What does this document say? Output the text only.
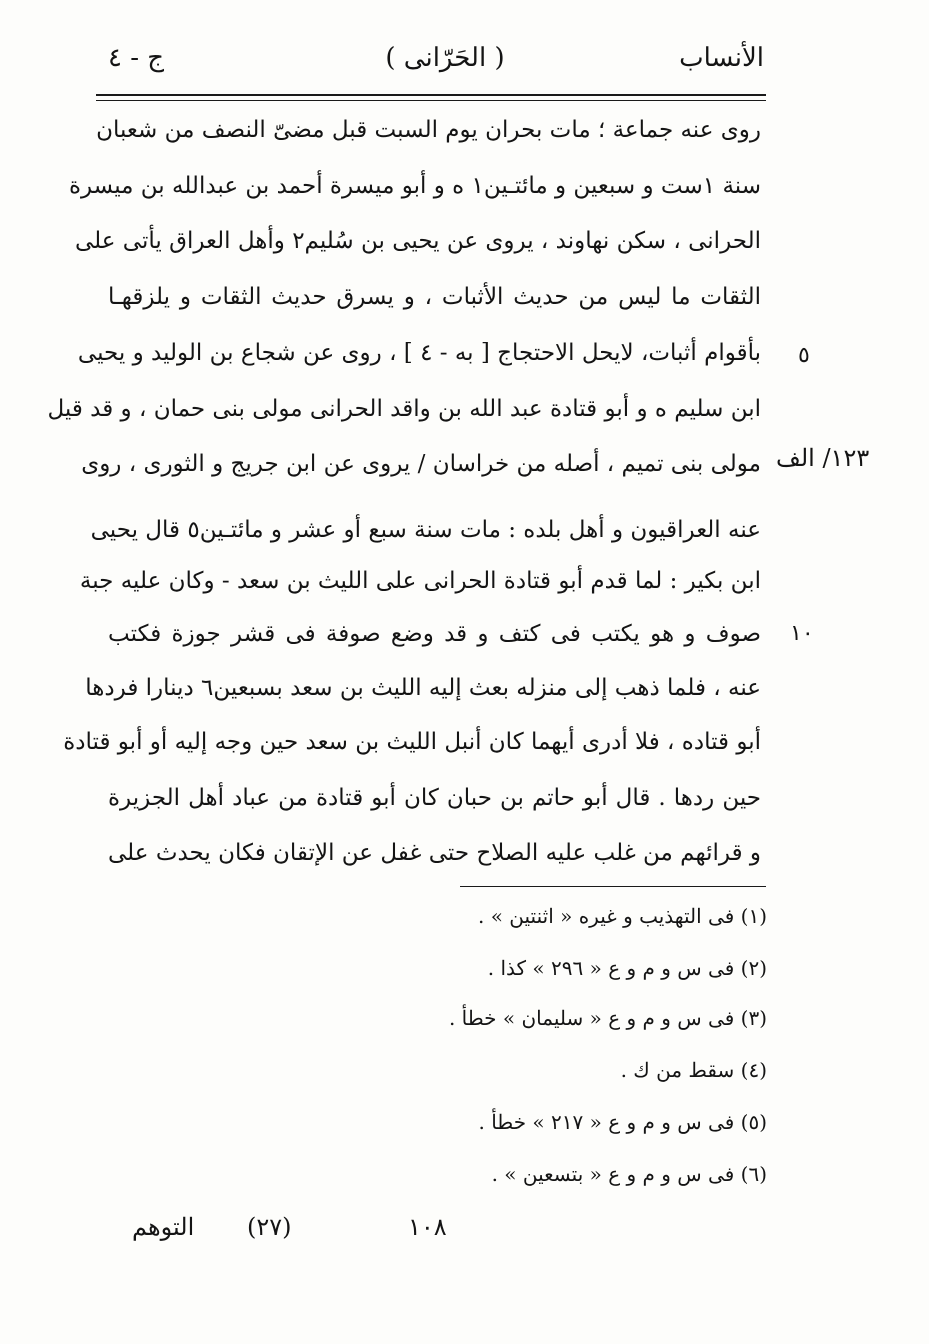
الأنساب
( الحَرّانى )
ج - ٤
روى عنه جماعة ؛ مات بحران يوم السبت قبل مضىّ النصف من شعبان
سنة ١ست و سبعين و مائتـين١ ه و أبو ميسرة أحمد بن عبدالله بن ميسرة
الحرانى ، سكن نهاوند ، يروى عن يحيى بن سُليم٢ وأهل العراق يأتى على
الثقات ما ليس من حديث الأثبات ، و يسرق حديث الثقات و يلزقهـا
بأقوام أثبات، لايحل الاحتجاج [ به - ٤ ] ، روى عن شجاع بن الوليد و يحيى
ابن سليم ه و أبو قتادة عبد الله بن واقد الحرانى مولى بنى حمان ، و قد قيل
مولى بنى تميم ، أصله من خراسان / يروى عن ابن جريج و الثورى ، روى
عنه العراقيون و أهل بلده : مات سنة سبع أو عشر و مائتـين٥ قال يحيى
ابن بكير : لما قدم أبو قتادة الحرانى على الليث بن سعد - وكان عليه جبة
صوف و هو يكتب فى كتف و قد وضع صوفة فى قشر جوزة فكتب
عنه ، فلما ذهب إلى منزله بعث إليه الليث بن سعد بسبعين٦ دينارا فردها
أبو قتاده ، فلا أدرى أيهما كان أنبل الليث بن سعد حين وجه إليه أو أبو قتادة
حين ردها . قال أبو حاتم بن حبان كان أبو قتادة من عباد أهل الجزيرة
و قرائهم من غلب عليه الصلاح حتى غفل عن الإتقان فكان يحدث على
٥
١٠
١٢٣/ الف
(١) فى التهذيب و غيره « اثنتين » .
(٢) فى س و م و ع « ٢٩٦ » كذا .
(٣) فى س و م و ع « سليمان » خطأ .
(٤) سقط من ك .
(٥) فى س و م و ع « ٢١٧ » خطأ .
(٦) فى س و م و ع « بتسعين » .
التوهم (٢٧)	١٠٨
